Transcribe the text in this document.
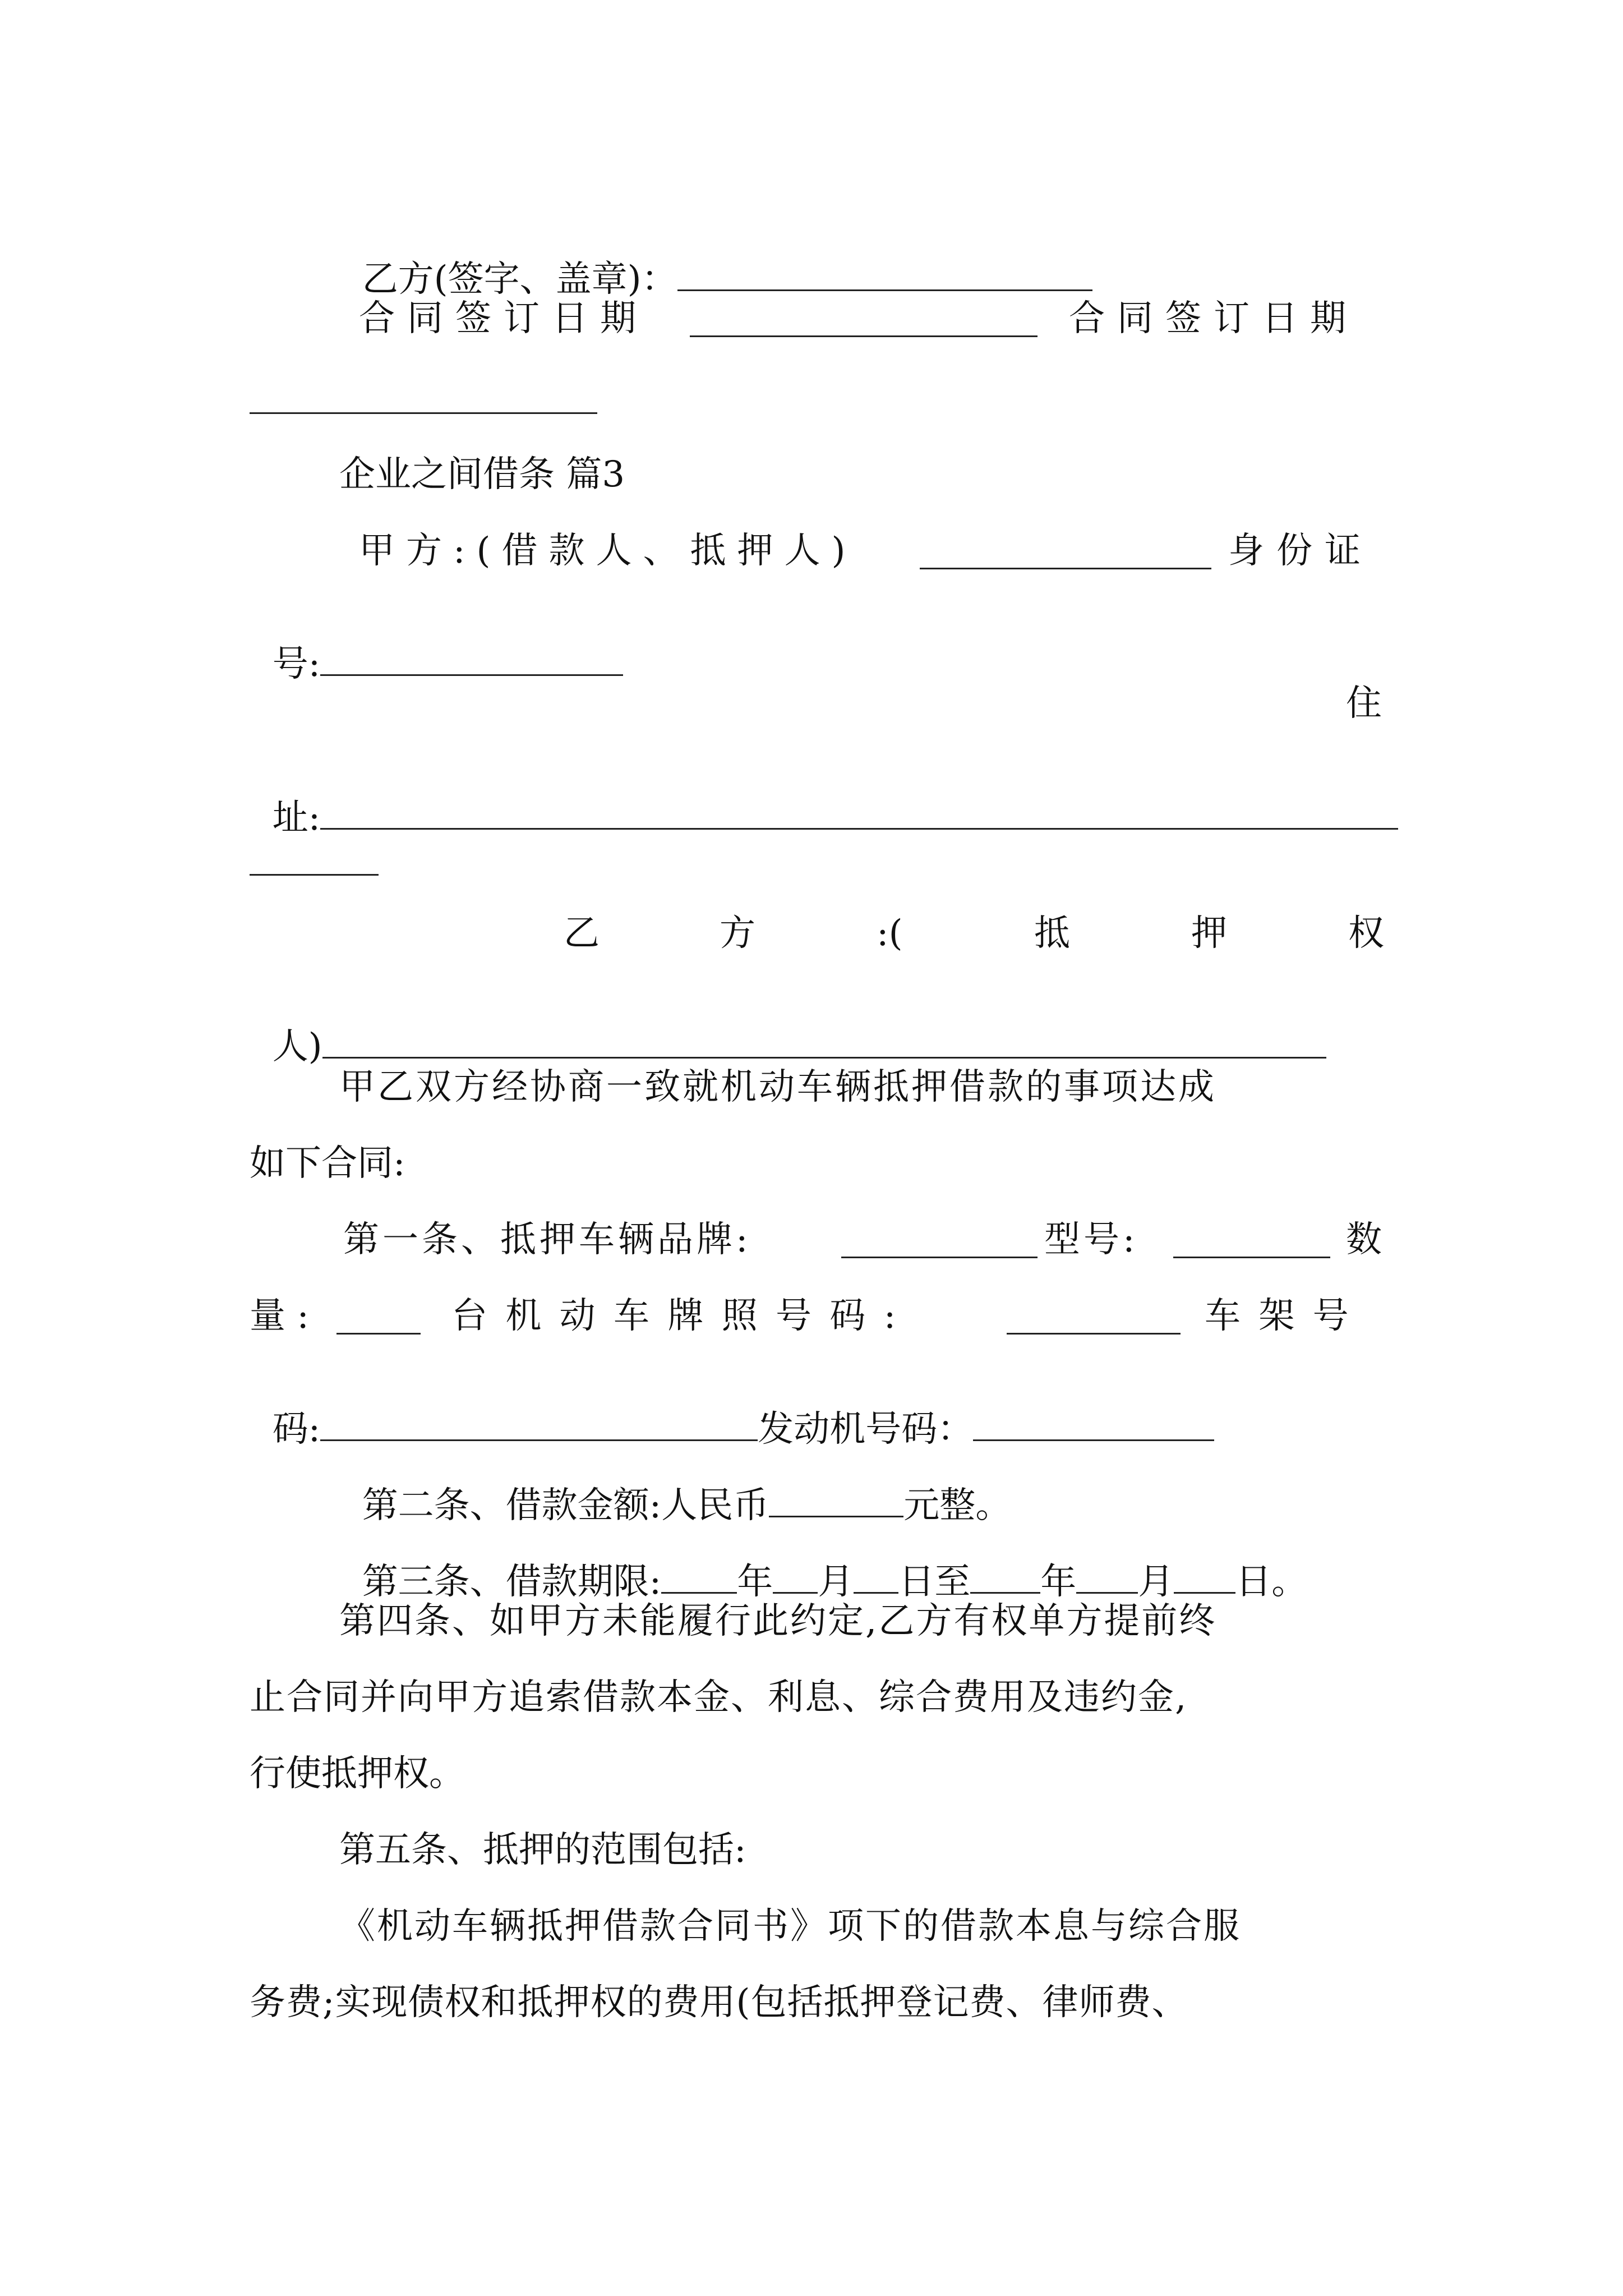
乙方(签字、盖章)：

合同签订日期	合同签订日期
企业之间借条 篇3
甲方:(借款人、抵押人)	身份证

号:

住

址:

乙	方	:(	抵	押	权

人)

甲乙双方经协商一致就机动车辆抵押借款的事项达成
如下合同:
第一条、抵押车辆品牌:	型号:	数
量 :	台 机 动 车 牌 照 号 码 :	车 架 号

码:	发动机号码：

第二条、借款金额:人民币	元整。

第三条、借款期限: 年 月 日至 年 月 日。

第四条、如甲方未能履行此约定,乙方有权单方提前终
止合同并向甲方追索借款本金、利息、综合费用及违约金,
行使抵押权。
第五条、抵押的范围包括:
《机动车辆抵押借款合同书》项下的借款本息与综合服
务费;实现债权和抵押权的费用(包括抵押登记费、律师费、
